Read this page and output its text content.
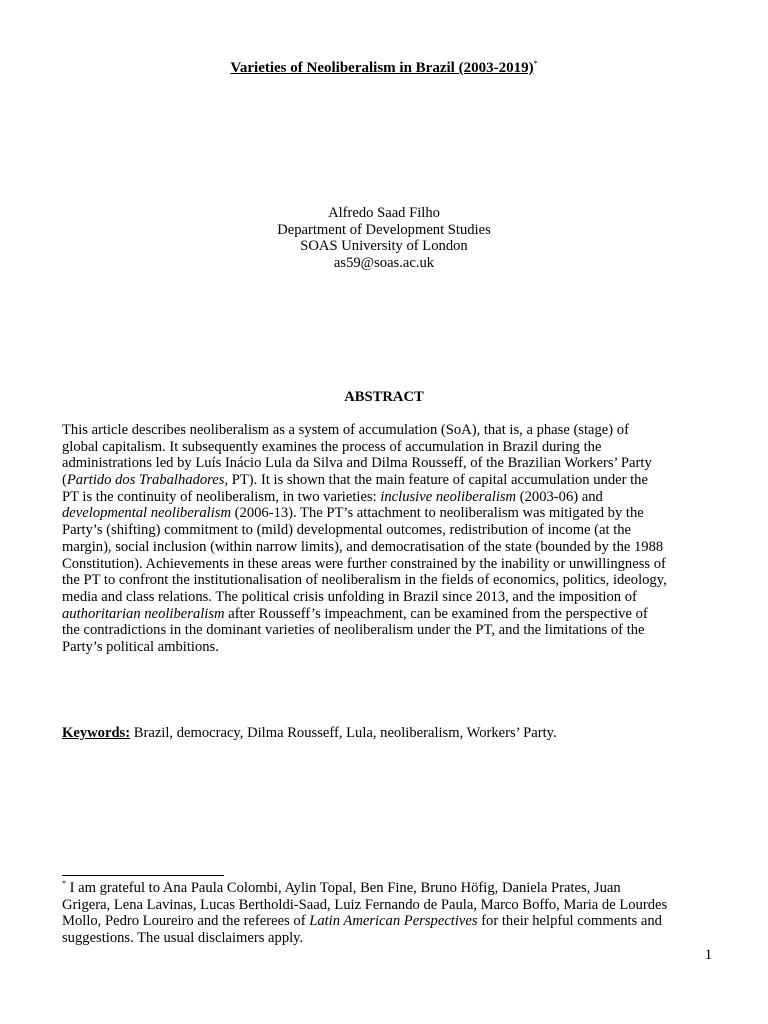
Varieties of Neoliberalism in Brazil (2003-2019)*
Alfredo Saad Filho
Department of Development Studies
SOAS University of London
as59@soas.ac.uk
ABSTRACT
This article describes neoliberalism as a system of accumulation (SoA), that is, a phase (stage) of
global capitalism. It subsequently examines the process of accumulation in Brazil during the
administrations led by Luís Inácio Lula da Silva and Dilma Rousseff, of the Brazilian Workers’ Party
(Partido dos Trabalhadores, PT). It is shown that the main feature of capital accumulation under the
PT is the continuity of neoliberalism, in two varieties: inclusive neoliberalism (2003-06) and
developmental neoliberalism (2006-13). The PT’s attachment to neoliberalism was mitigated by the
Party’s (shifting) commitment to (mild) developmental outcomes, redistribution of income (at the
margin), social inclusion (within narrow limits), and democratisation of the state (bounded by the 1988
Constitution). Achievements in these areas were further constrained by the inability or unwillingness of
the PT to confront the institutionalisation of neoliberalism in the fields of economics, politics, ideology,
media and class relations. The political crisis unfolding in Brazil since 2013, and the imposition of
authoritarian neoliberalism after Rousseff’s impeachment, can be examined from the perspective of
the contradictions in the dominant varieties of neoliberalism under the PT, and the limitations of the
Party’s political ambitions.
Keywords: Brazil, democracy, Dilma Rousseff, Lula, neoliberalism, Workers’ Party.
* I am grateful to Ana Paula Colombi, Aylin Topal, Ben Fine, Bruno Höfig, Daniela Prates, Juan
Grigera, Lena Lavinas, Lucas Bertholdi-Saad, Luiz Fernando de Paula, Marco Boffo, Maria de Lourdes
Mollo, Pedro Loureiro and the referees of Latin American Perspectives for their helpful comments and
suggestions. The usual disclaimers apply.
1
